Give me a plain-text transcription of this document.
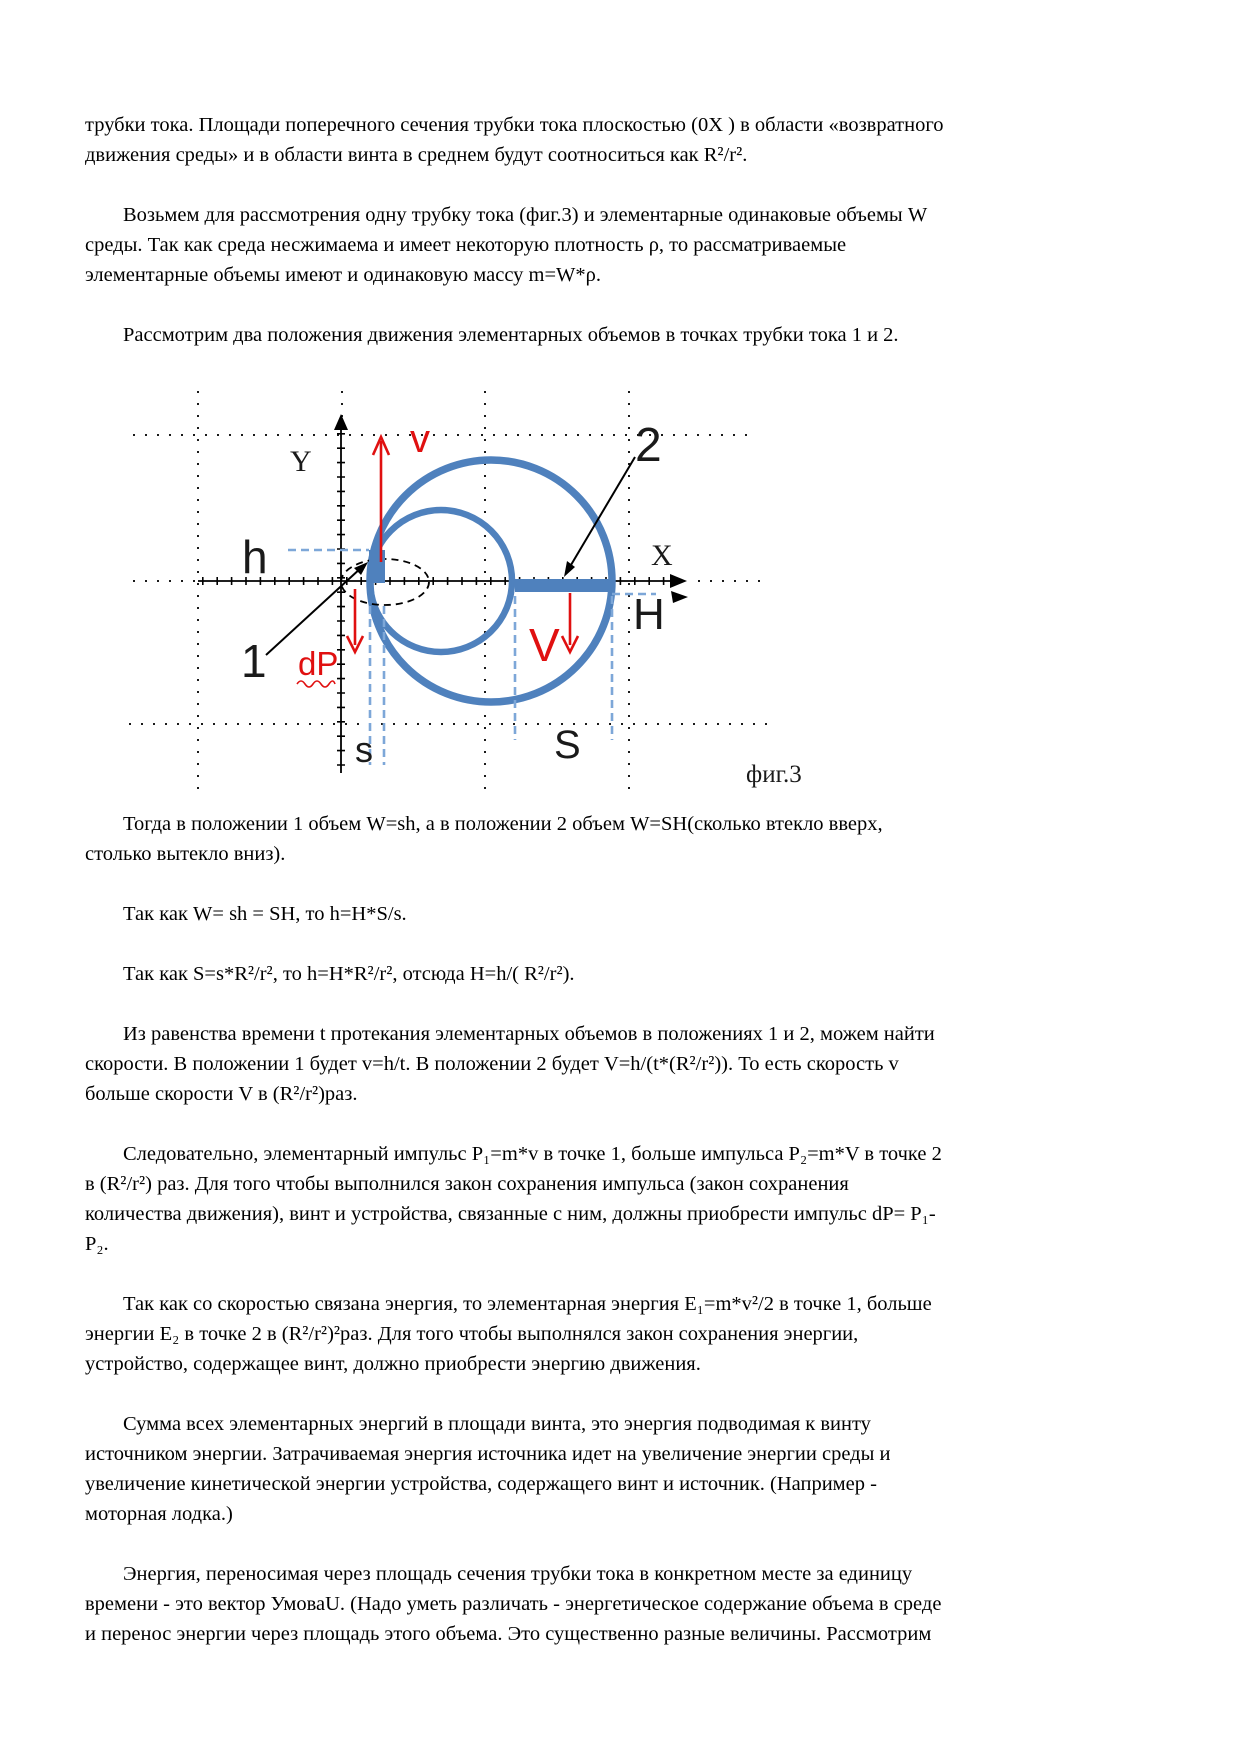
трубки тока. Площади поперечного сечения трубки тока плоскостью (0X ) в области «возвратного
движения среды» и в области винта в среднем будут соотноситься как R²/r².
Возьмем для рассмотрения одну трубку тока (фиг.3) и элементарные одинаковые объемы W
среды. Так как среда несжимаема и имеет некоторую плотность ρ, то рассматриваемые
элементарные объемы имеют и одинаковую массу m=W*ρ.
Рассмотрим два положения движения элементарных объемов в точках трубки тока 1 и 2.
Y
X
h
H
1
2
v
V
dP
s	S
фиг.3
Тогда в положении 1 объем W=sh, а в положении 2 объем W=SH(сколько втекло вверх,
столько вытекло вниз).
Так как W= sh = SH, то h=H*S/s.
Так как S=s*R²/r², то h=H*R²/r², отсюда H=h/( R²/r²).
Из равенства времени t протекания элементарных объемов в положениях 1 и 2, можем найти
скорости. В положении 1 будет v=h/t. В положении 2 будет V=h/(t*(R²/r²)). То есть скорость v
больше скорости V в (R²/r²)раз.
Следовательно, элементарный импульс P₁=m*v в точке 1, больше импульса P₂=m*V в точке 2
в (R²/r²) раз. Для того чтобы выполнился закон сохранения импульса (закон сохранения
количества движения), винт и устройства, связанные с ним, должны приобрести импульс dP= P₁-
P₂.
Так как со скоростью связана энергия, то элементарная энергия E₁=m*v²/2 в точке 1, больше
энергии E₂ в точке 2 в (R²/r²)²раз. Для того чтобы выполнялся закон сохранения энергии,
устройство, содержащее винт, должно приобрести энергию движения.
Сумма всех элементарных энергий в площади винта, это энергия подводимая к винту
источником энергии. Затрачиваемая энергия источника идет на увеличение энергии среды и
увеличение кинетической энергии устройства, содержащего винт и источник. (Например -
моторная лодка.)
Энергия, переносимая через площадь сечения трубки тока в конкретном месте за единицу
времени - это вектор УмоваU. (Надо уметь различать - энергетическое содержание объема в среде
и перенос энергии через площадь этого объема. Это существенно разные величины. Рассмотрим
